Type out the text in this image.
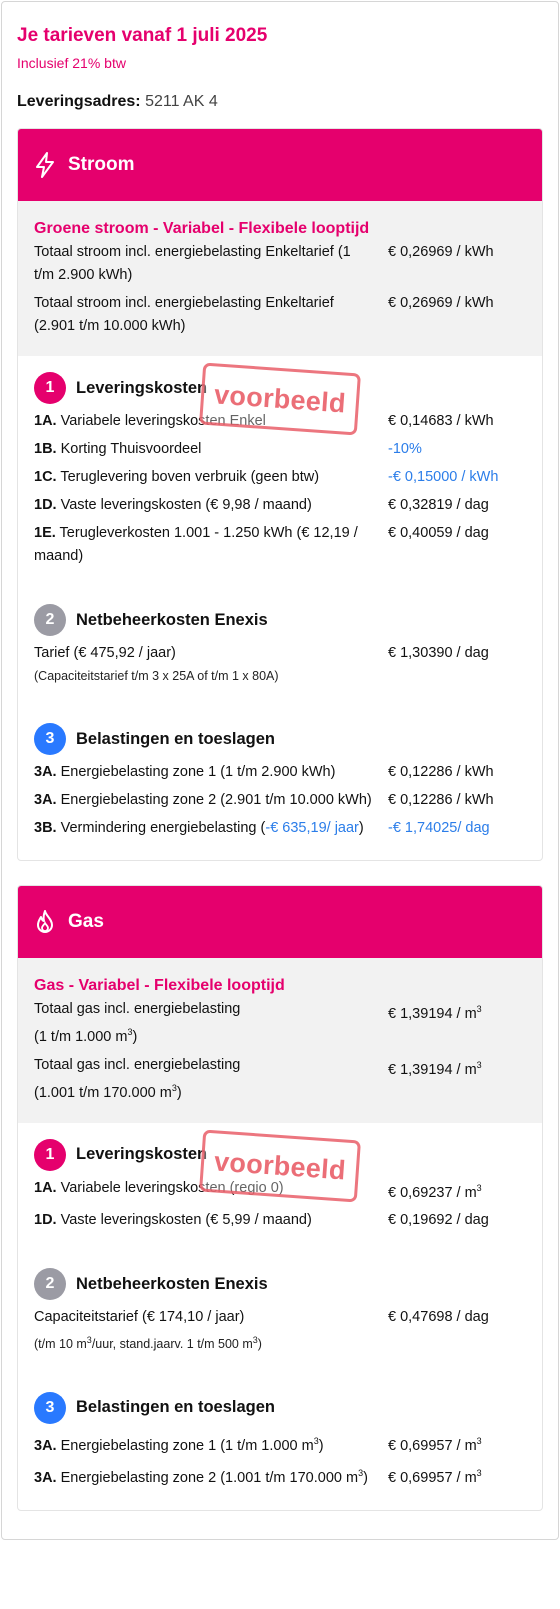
Je tarieven vanaf 1 juli 2025
Inclusief 21% btw
Leveringsadres: 5211 AK 4
Stroom
Groene stroom - Variabel - Flexibele looptijd
Totaal stroom incl. energiebelasting Enkeltarief (1 t/m 2.900 kWh)
€ 0,26969 / kWh
Totaal stroom incl. energiebelasting Enkeltarief (2.901 t/m 10.000 kWh)
€ 0,26969 / kWh
voorbeeld
1	Leveringskosten
1A. Variabele leveringskosten Enkel	€ 0,14683 / kWh
1B. Korting Thuisvoordeel	-10%
1C. Teruglevering boven verbruik (geen btw)	-€ 0,15000 / kWh
1D. Vaste leveringskosten (€ 9,98 / maand)	€ 0,32819 / dag
1E. Terugleverkosten 1.001 - 1.250 kWh (€ 12,19 / maand)
€ 0,40059 / dag
2	Netbeheerkosten Enexis
Tarief (€ 475,92 / jaar)	€ 1,30390 / dag
(Capaciteitstarief t/m 3 x 25A of t/m 1 x 80A)
3	Belastingen en toeslagen
3A. Energiebelasting zone 1 (1 t/m 2.900 kWh)	€ 0,12286 / kWh
3A. Energiebelasting zone 2 (2.901 t/m 10.000 kWh)	€ 0,12286 / kWh
3B. Vermindering energiebelasting (-€ 635,19/ jaar)	-€ 1,74025/ dag
Gas
Gas - Variabel - Flexibele looptijd
Totaal gas incl. energiebelasting
(1 t/m 1.000 $m^3$)
€ $1,39194 / m^3$
Totaal gas incl. energiebelasting
(1.001 t/m 170.000 $m^3$)
€ $1,39194 / m^3$
voorbeeld
1	Leveringskosten
1A. Variabele leveringskosten (regio 0)	€ $0,69237 / m^3$
1D. Vaste leveringskosten (€ 5,99 / maand)	€ 0,19692 / dag
2	Netbeheerkosten Enexis
Capaciteitstarief (€ 174,10 / jaar)	€ 0,47698 / dag
(t/m 10 $m^3$/uur, stand.jaarv. 1 t/m 500 $m^3$)
3	Belastingen en toeslagen
3A. Energiebelasting zone 1 (1 t/m 1.000 $m^3$)	€ $0,69957 / m^3$
3A. Energiebelasting zone 2 (1.001 t/m 170.000 $m^3$)	€ $0,69957 / m^3$
